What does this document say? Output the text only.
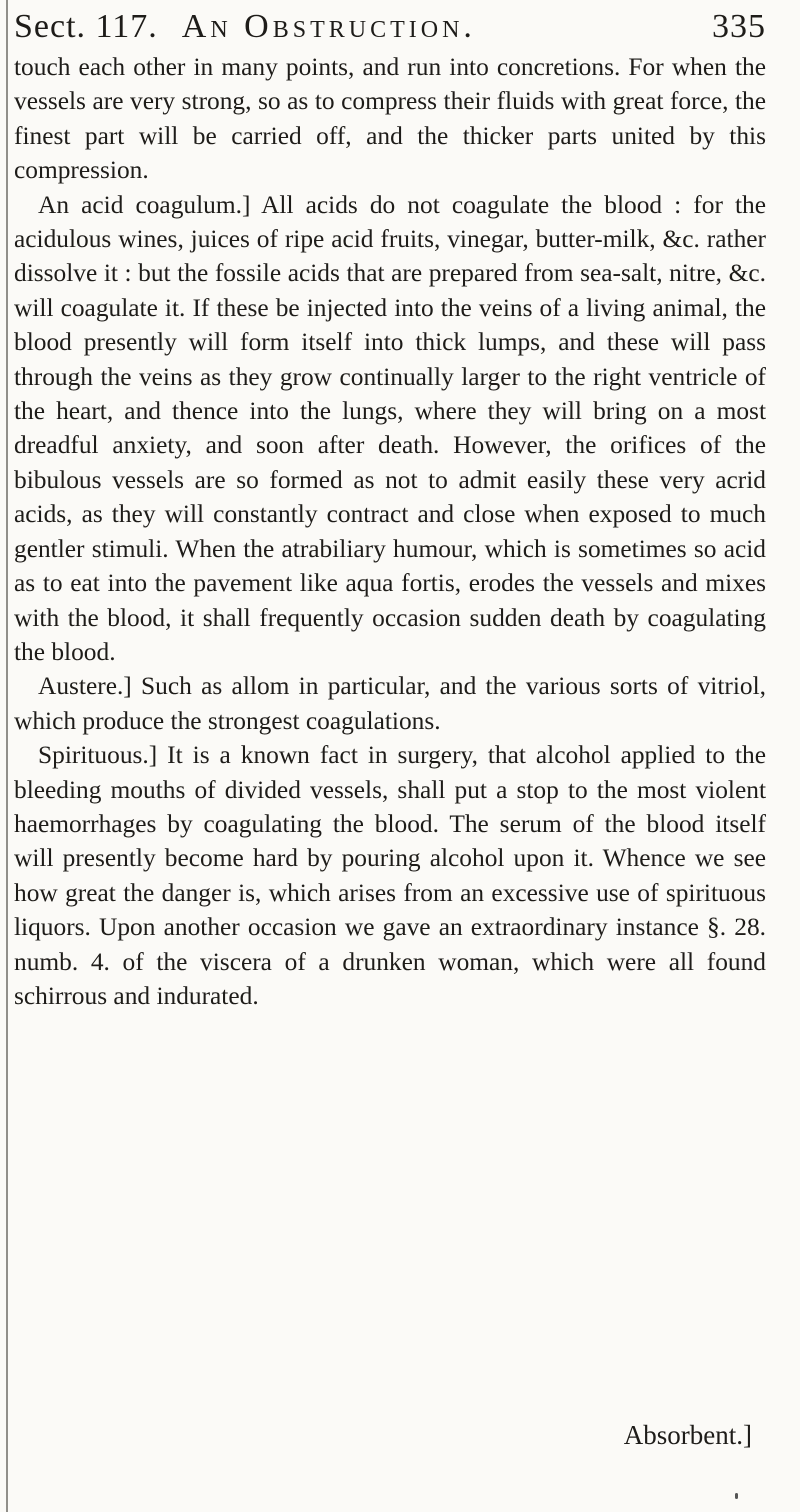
Sect. 117. An Obstruction.	335

touch each other in many points, and run into concretions. For when the vessels are very strong, so as to compress their fluids with great force, the finest part will be carried off, and the thicker parts united by this compression.

An acid coagulum.] All acids do not coagulate the blood : for the acidulous wines, juices of ripe acid fruits, vinegar, butter-milk, &c. rather dissolve it : but the fossile acids that are prepared from sea-salt, nitre, &c. will coagulate it. If these be injected into the veins of a living animal, the blood presently will form itself into thick lumps, and these will pass through the veins as they grow continually larger to the right ventricle of the heart, and thence into the lungs, where they will bring on a most dreadful anxiety, and soon after death. However, the orifices of the bibulous vessels are so formed as not to admit easily these very acrid acids, as they will constantly contract and close when exposed to much gentler stimuli. When the atrabiliary humour, which is sometimes so acid as to eat into the pavement like aqua fortis, erodes the vessels and mixes with the blood, it shall frequently occasion sudden death by coagulating the blood.

Austere.] Such as allom in particular, and the various sorts of vitriol, which produce the strongest coagulations.

Spirituous.] It is a known fact in surgery, that alcohol applied to the bleeding mouths of divided vessels, shall put a stop to the most violent haemorrhages by coagulating the blood. The serum of the blood itself will presently become hard by pouring alcohol upon it. Whence we see how great the danger is, which arises from an excessive use of spirituous liquors. Upon another occasion we gave an extraordinary instance §. 28. numb. 4. of the viscera of a drunken woman, which were all found schirrous and indurated.

Absorbent.]
